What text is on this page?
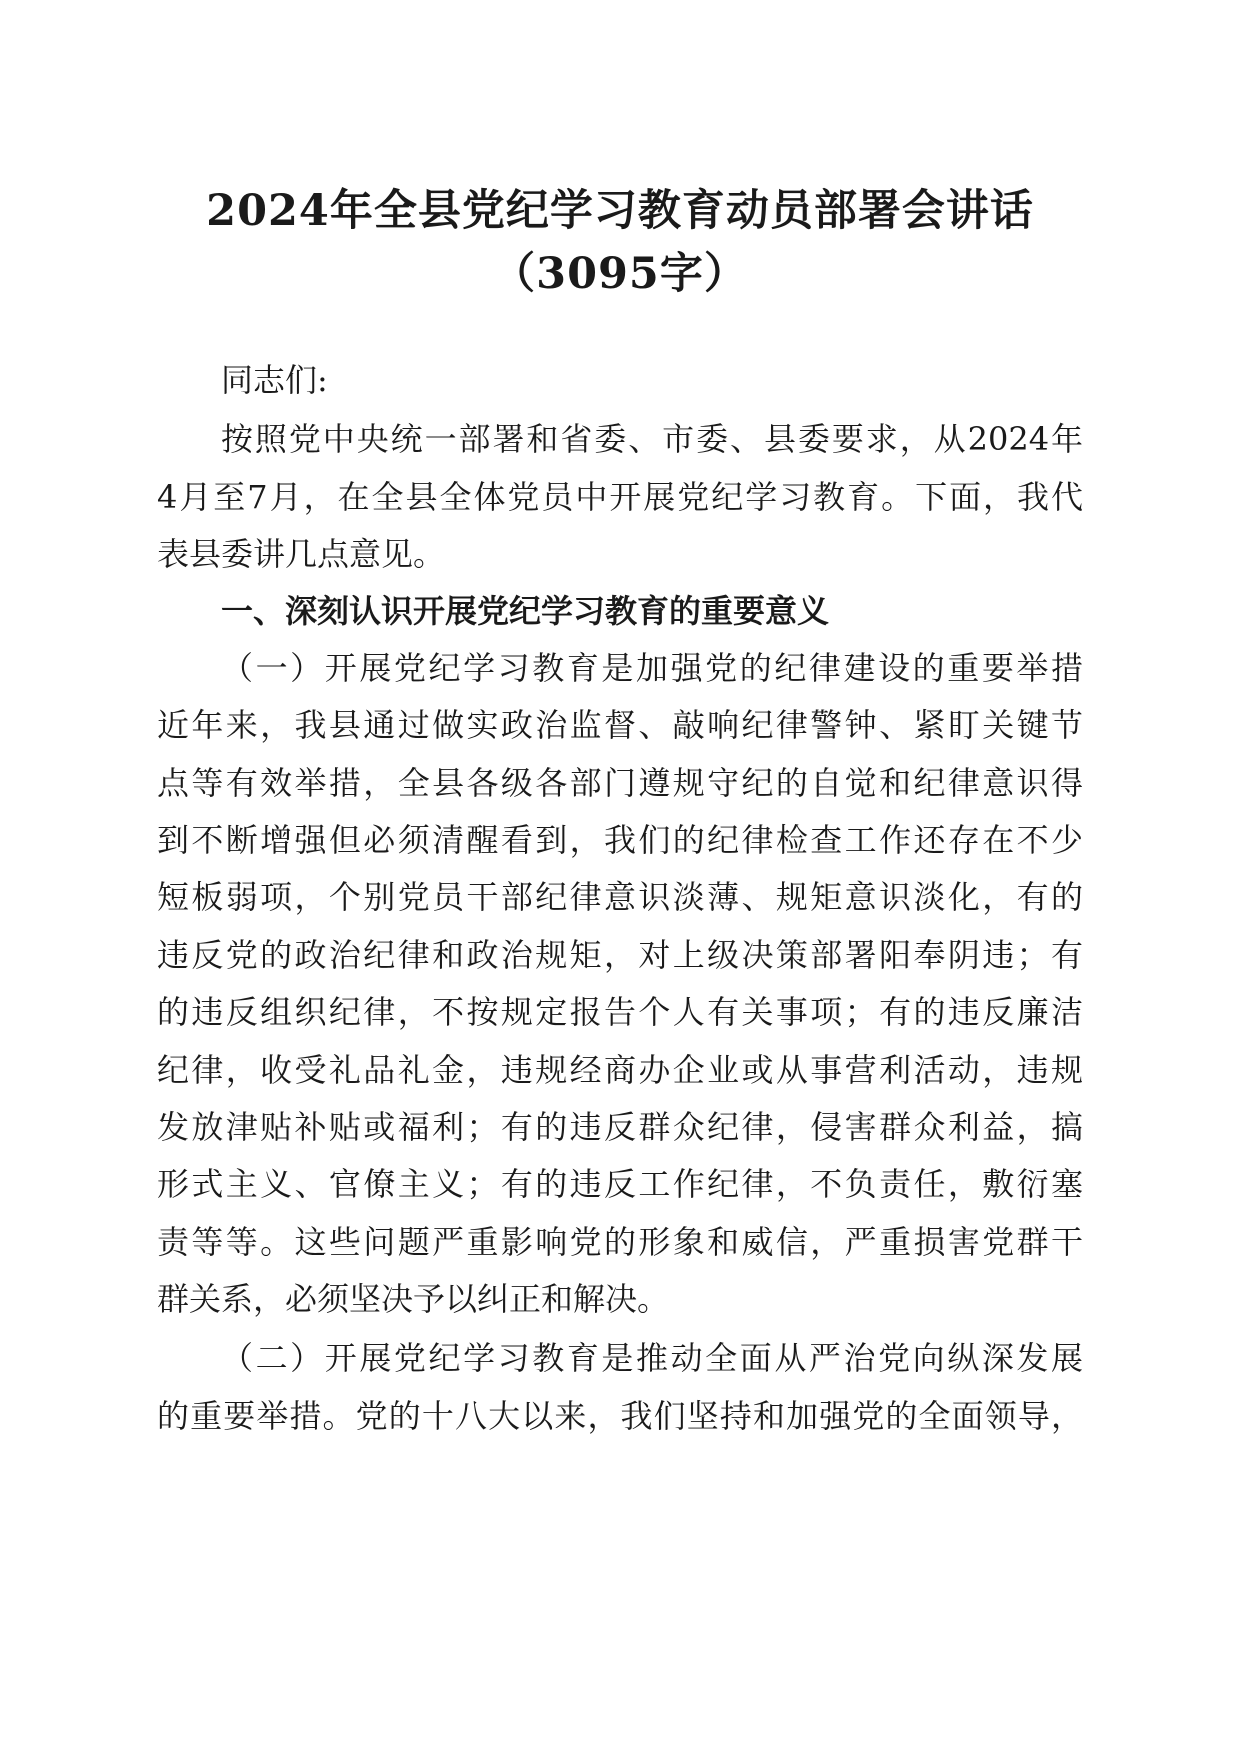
2024年全县党纪学习教育动员部署会讲话
（3095字）

同志们:

按照党中央统一部署和省委、市委、县委要求，从2024年

4月至7月，在全县全体党员中开展党纪学习教育。下面，我代

表县委讲几点意见。

一、深刻认识开展党纪学习教育的重要意义

（一）开展党纪学习教育是加强党的纪律建设的重要举措

近年来，我县通过做实政治监督、敲响纪律警钟、紧盯关键节

点等有效举措，全县各级各部门遵规守纪的自觉和纪律意识得

到不断增强但必须清醒看到，我们的纪律检查工作还存在不少

短板弱项，个别党员干部纪律意识淡薄、规矩意识淡化，有的

违反党的政治纪律和政治规矩，对上级决策部署阳奉阴违；有

的违反组织纪律，不按规定报告个人有关事项；有的违反廉洁

纪律，收受礼品礼金，违规经商办企业或从事营利活动，违规

发放津贴补贴或福利；有的违反群众纪律，侵害群众利益，搞

形式主义、官僚主义；有的违反工作纪律，不负责任，敷衍塞

责等等。这些问题严重影响党的形象和威信，严重损害党群干

群关系，必须坚决予以纠正和解决。

（二）开展党纪学习教育是推动全面从严治党向纵深发展

的重要举措。党的十八大以来，我们坚持和加强党的全面领导，
